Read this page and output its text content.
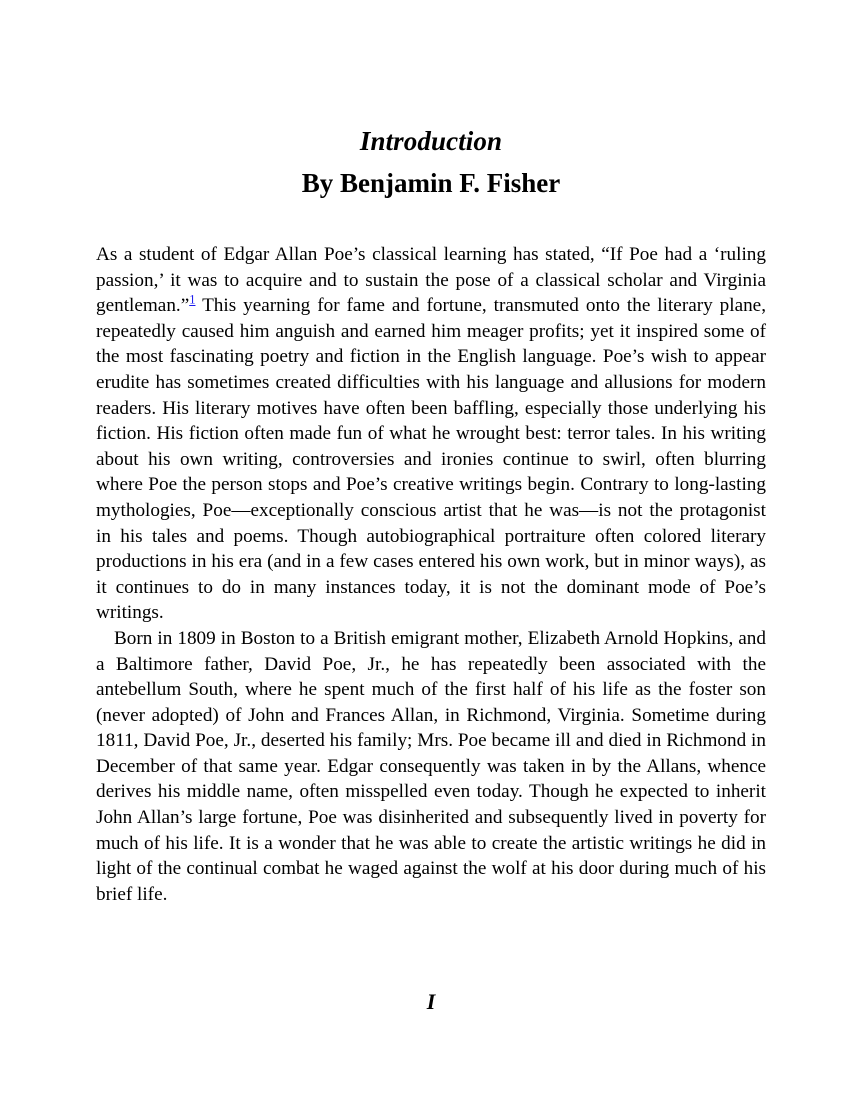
Introduction
By Benjamin F. Fisher

As a student of Edgar Allan Poe’s classical learning has stated, “If Poe had a ‘ruling passion,’ it was to acquire and to sustain the pose of a classical scholar and Virginia gentleman.”$^1$ This yearning for fame and fortune, transmuted onto the literary plane, repeatedly caused him anguish and earned him meager profits; yet it inspired some of the most fascinating poetry and fiction in the English language. Poe’s wish to appear erudite has sometimes created difficulties with his language and allusions for modern readers. His literary motives have often been baffling, especially those underlying his fiction. His fiction often made fun of what he wrought best: terror tales. In his writing about his own writing, controversies and ironies continue to swirl, often blurring where Poe the person stops and Poe’s creative writings begin. Contrary to long-lasting mythologies, Poe—exceptionally conscious artist that he was—is not the protagonist in his tales and poems. Though autobiographical portraiture often colored literary productions in his era (and in a few cases entered his own work, but in minor ways), as it continues to do in many instances today, it is not the dominant mode of Poe’s writings.

Born in 1809 in Boston to a British emigrant mother, Elizabeth Arnold Hopkins, and a Baltimore father, David Poe, Jr., he has repeatedly been associated with the antebellum South, where he spent much of the first half of his life as the foster son (never adopted) of John and Frances Allan, in Richmond, Virginia. Sometime during 1811, David Poe, Jr., deserted his family; Mrs. Poe became ill and died in Richmond in December of that same year. Edgar consequently was taken in by the Allans, whence derives his middle name, often misspelled even today. Though he expected to inherit John Allan’s large fortune, Poe was disinherited and subsequently lived in poverty for much of his life. It is a wonder that he was able to create the artistic writings he did in light of the continual combat he waged against the wolf at his door during much of his brief life.

I
